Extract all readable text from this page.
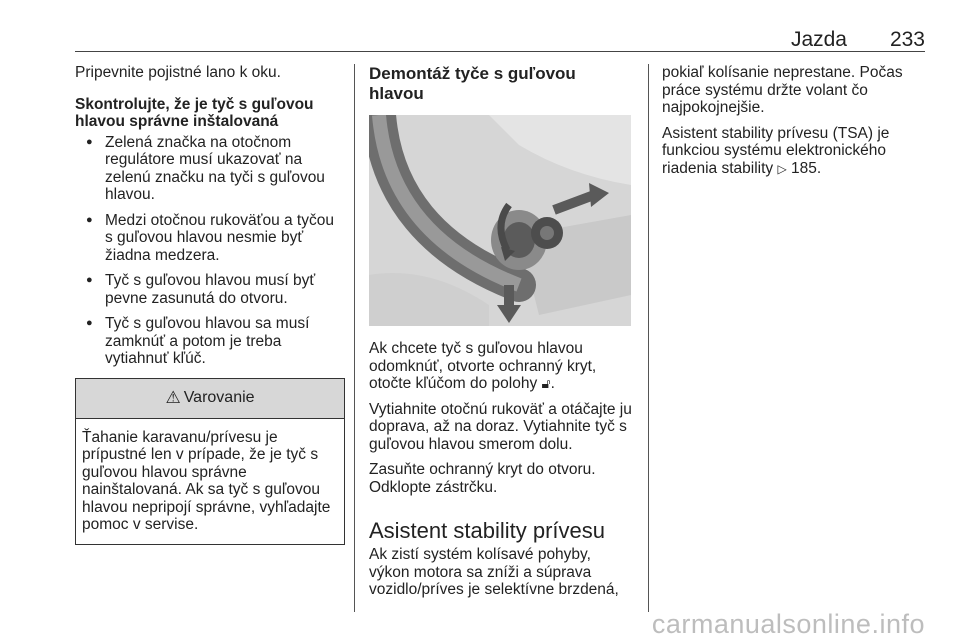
Jazda 233

Pripevnite pojistné lano k oku.

Skontrolujte, že je tyč s guľovou hlavou správne inštalovaná

● Zelená značka na otočnom regulátore musí ukazovať na zelenú značku na tyči s guľovou hlavou.
● Medzi otočnou rukoväťou a tyčou s guľovou hlavou nesmie byť žiadna medzera.
● Tyč s guľovou hlavou musí byť pevne zasunutá do otvoru.
● Tyč s guľovou hlavou sa musí zamknúť a potom je treba vytiahnuť kľúč.
⚠ Varovanie
Ťahanie karavanu/prívesu je prípustné len v prípade, že je tyč s guľovou hlavou správne nainštalovaná. Ak sa tyč s guľovou hlavou nepripojí správne, vyhľadajte pomoc v servise.
Demontáž tyče s guľovou hlavou

Ak chcete tyč s guľovou hlavou odomknúť, otvorte ochranný kryt, otočte kľúčom do polohy 🔓︎.

Vytiahnite otočnú rukoväť a otáčajte ju doprava, až na doraz. Vytiahnite tyč s guľovou hlavou smerom dolu.

Zasuňte ochranný kryt do otvoru. Odklopte zástrčku.

Asistent stability prívesu

Ak zistí systém kolísavé pohyby, výkon motora sa zníži a súprava vozidlo/príves je selektívne brzdená,

pokiaľ kolísanie neprestane. Počas práce systému držte volant čo najpokojnejšie.

Asistent stability prívesu (TSA) je funkciou systému elektronického riadenia stability ▷ 185.

carmanualsonline.info
